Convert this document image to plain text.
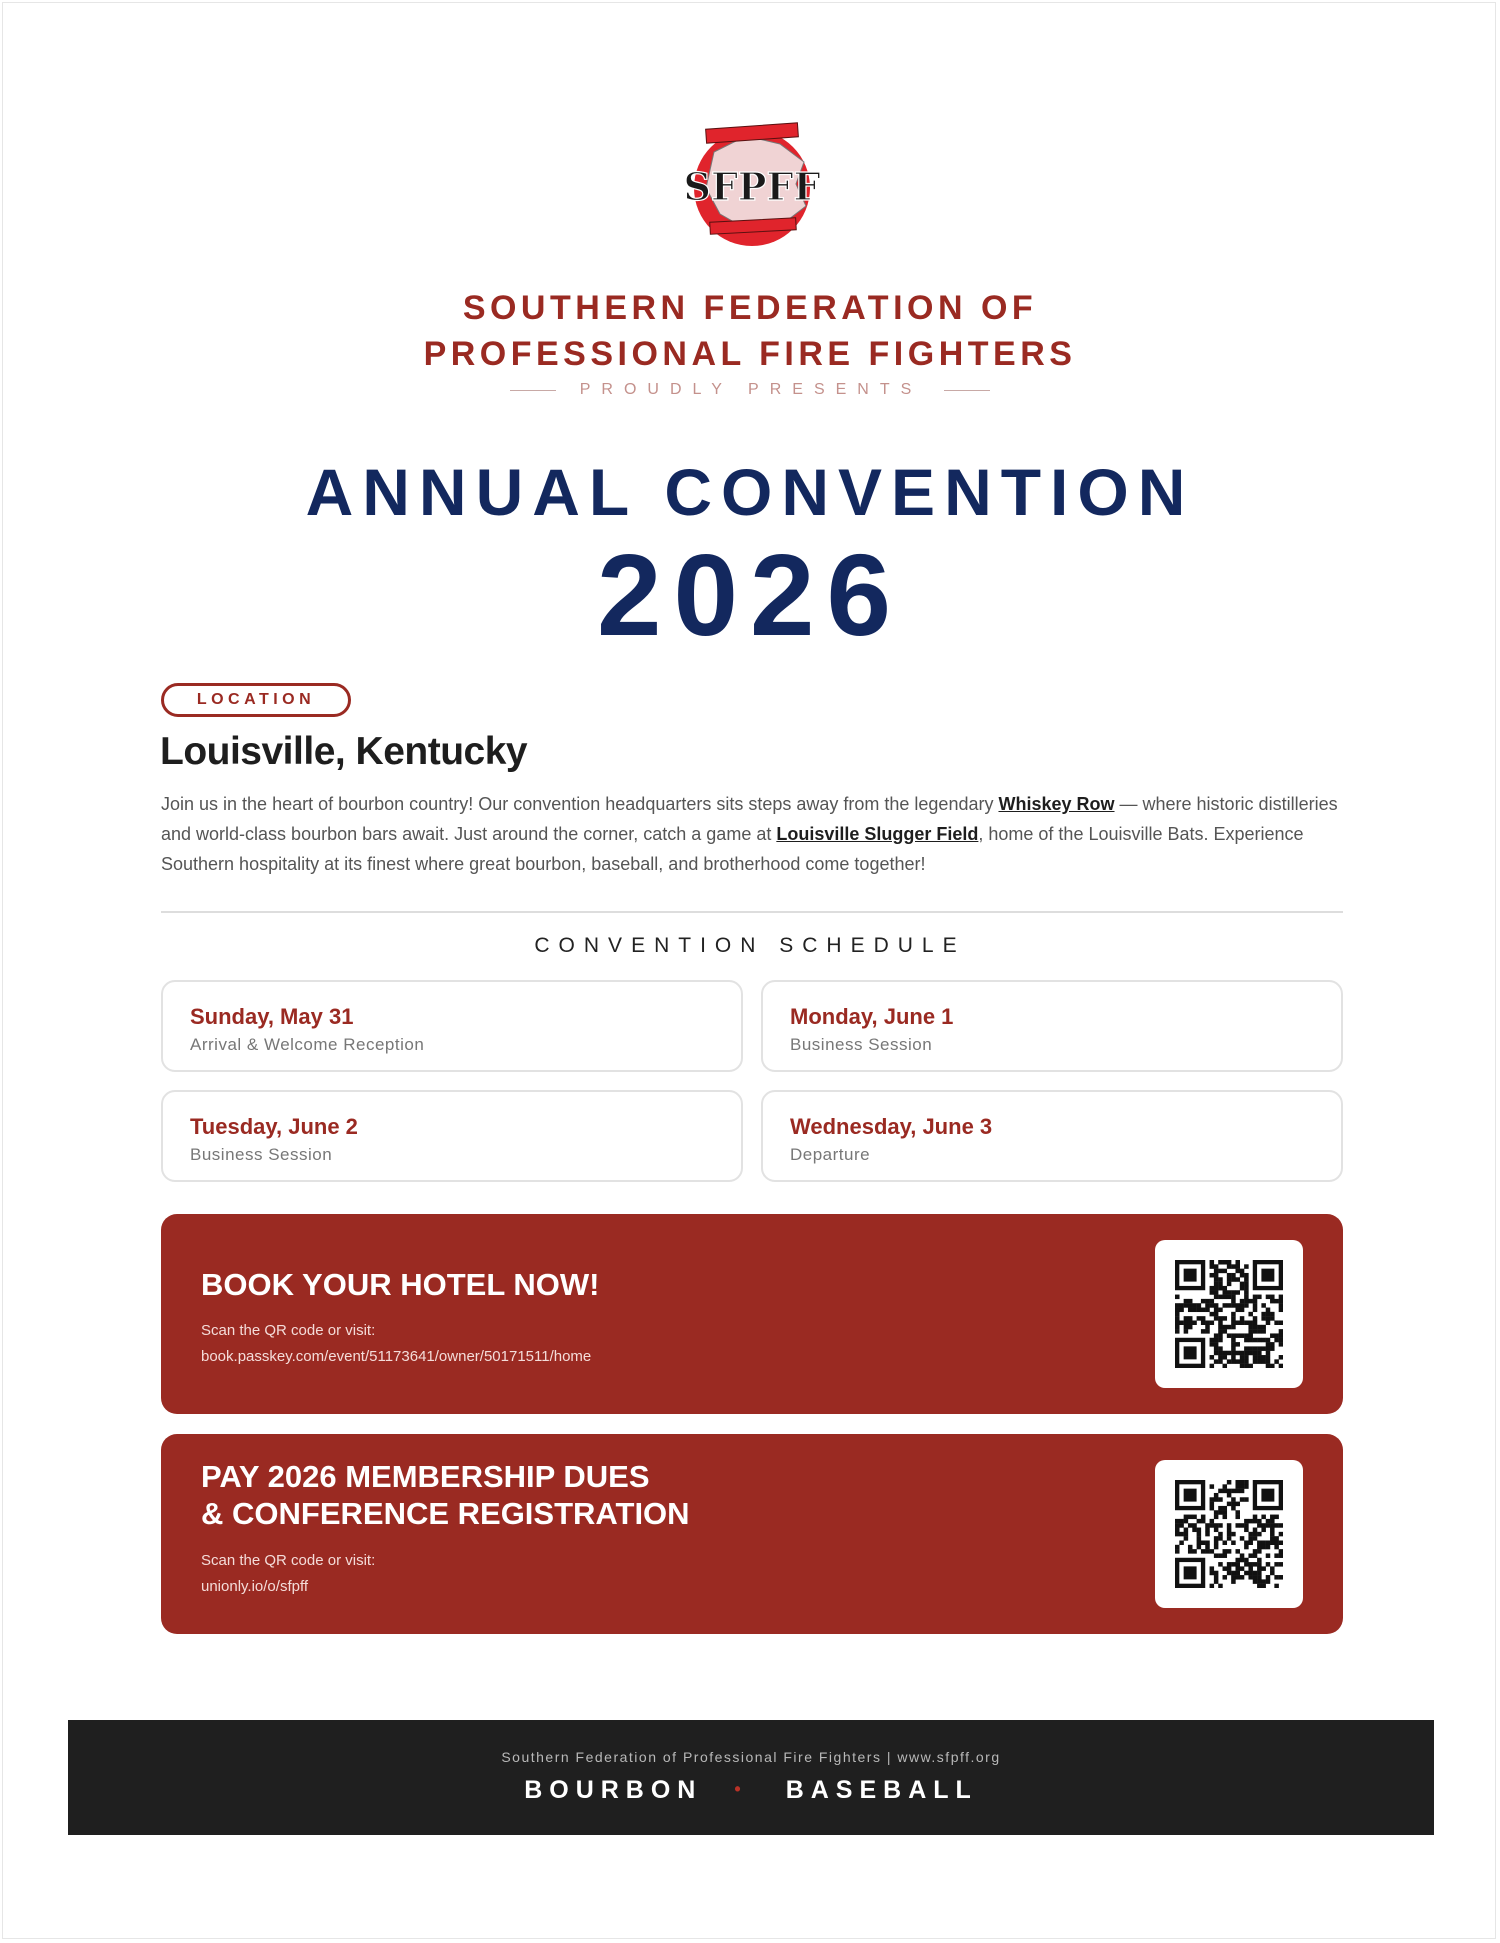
SFPFF
SOUTHERN FEDERATION OF
PROFESSIONAL FIRE FIGHTERS
PROUDLY PRESENTS
ANNUAL CONVENTION
2026
LOCATION
Louisville, Kentucky
Join us in the heart of bourbon country! Our convention headquarters sits steps away from the legendary Whiskey Row — where historic distilleries and world-class bourbon bars await. Just around the corner, catch a game at Louisville Slugger Field, home of the Louisville Bats. Experience Southern hospitality at its finest where great bourbon, baseball, and brotherhood come together!
CONVENTION SCHEDULE
Sunday, May 31
Arrival & Welcome Reception
Monday, June 1
Business Session
Tuesday, June 2
Business Session
Wednesday, June 3
Departure
BOOK YOUR HOTEL NOW!
Scan the QR code or visit:
book.passkey.com/event/51173641/owner/50171511/home
PAY 2026 MEMBERSHIP DUES
& CONFERENCE REGISTRATION
Scan the QR code or visit:
unionly.io/o/sfpff
Southern Federation of Professional Fire Fighters | www.sfpff.org
BOURBON • BASEBALL
